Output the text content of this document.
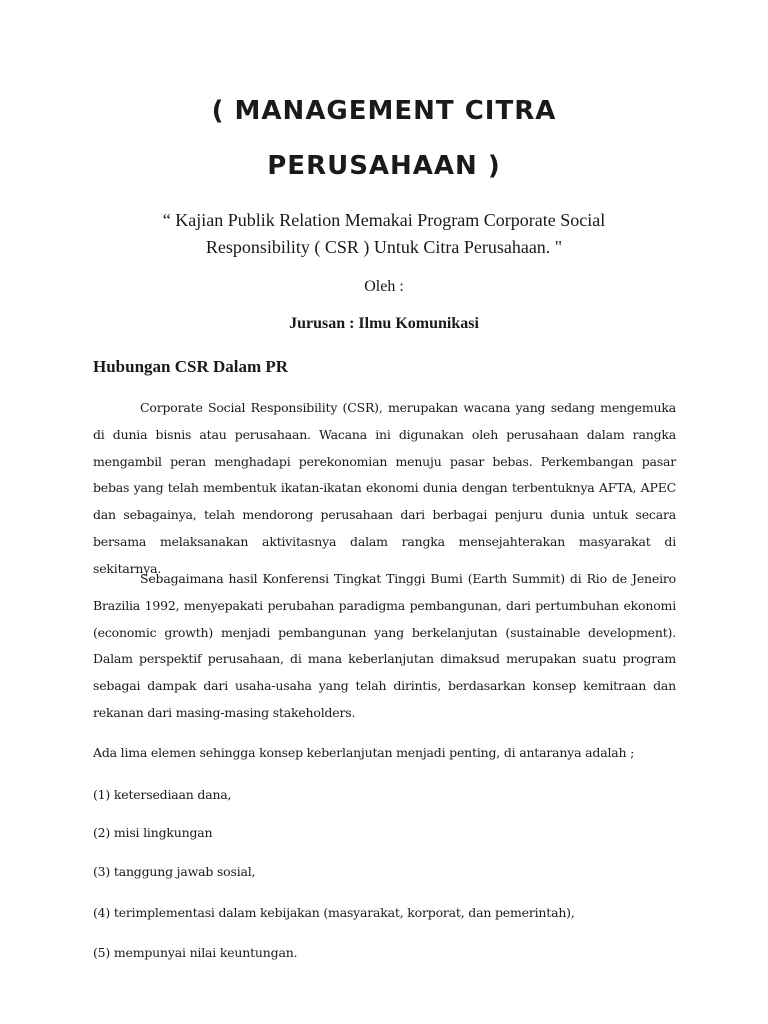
( MANAGEMENT CITRA
PERUSAHAAN )

“ Kajian Publik Relation Memakai Program Corporate Social
Responsibility ( CSR ) Untuk Citra Perusahaan. "

Oleh :

Jurusan : Ilmu Komunikasi

Hubungan CSR Dalam PR

Corporate Social Responsibility (CSR), merupakan wacana yang sedang mengemuka di dunia bisnis atau perusahaan. Wacana ini digunakan oleh perusahaan dalam rangka mengambil peran menghadapi perekonomian menuju pasar bebas. Perkembangan pasar bebas yang telah membentuk ikatan-ikatan ekonomi dunia dengan terbentuknya AFTA, APEC dan sebagainya, telah mendorong perusahaan dari berbagai penjuru dunia untuk secara bersama melaksanakan aktivitasnya dalam rangka mensejahterakan masyarakat di sekitarnya.

Sebagaimana hasil Konferensi Tingkat Tinggi Bumi (Earth Summit) di Rio de Jeneiro Brazilia 1992, menyepakati perubahan paradigma pembangunan, dari pertumbuhan ekonomi (economic growth) menjadi pembangunan yang berkelanjutan (sustainable development). Dalam perspektif perusahaan, di mana keberlanjutan dimaksud merupakan suatu program sebagai dampak dari usaha-usaha yang telah dirintis, berdasarkan konsep kemitraan dan rekanan dari masing-masing stakeholders.

Ada lima elemen sehingga konsep keberlanjutan menjadi penting, di antaranya adalah ;

(1) ketersediaan dana,

(2) misi lingkungan

(3) tanggung jawab sosial,

(4) terimplementasi dalam kebijakan (masyarakat, korporat, dan pemerintah),

(5) mempunyai nilai keuntungan.
